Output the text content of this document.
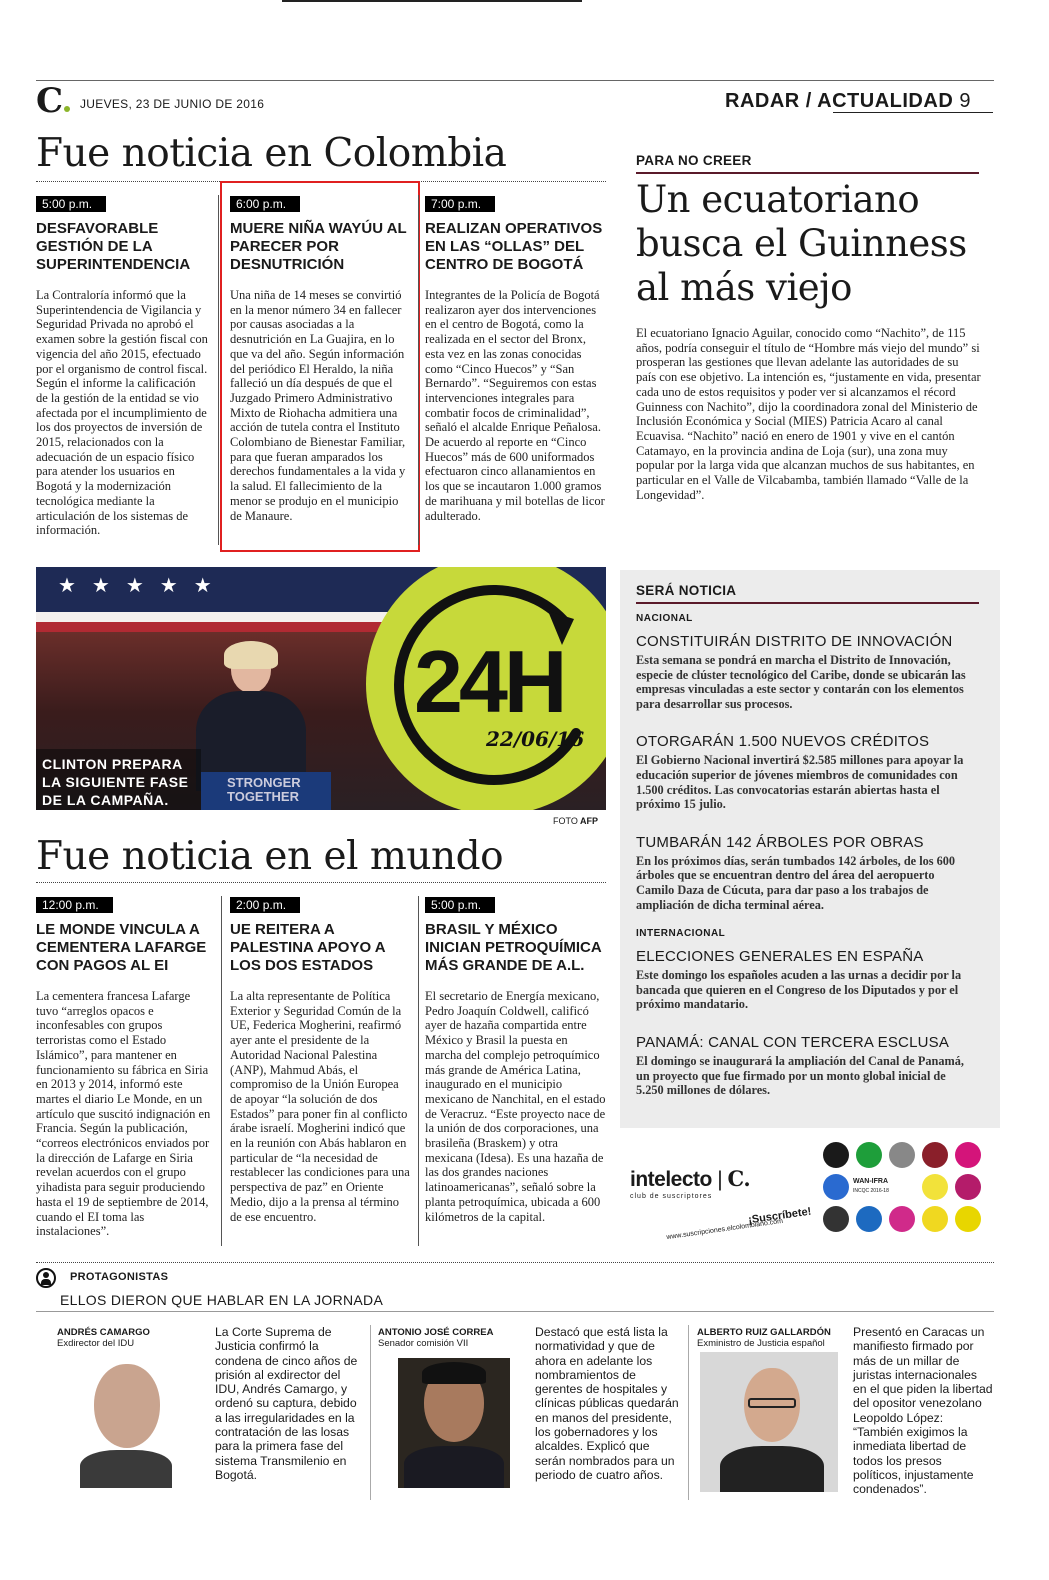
C	JUEVES, 23 DE JUNIO DE 2016	RADAR / ACTUALIDAD 9
Fue noticia en Colombia
5:00 p.m.
DESFAVORABLE GESTIÓN DE LA SUPERINTENDENCIA
La Contraloría informó que la Superintendencia de Vigilancia y Seguridad Privada no aprobó el examen sobre la gestión fiscal con vigencia del año 2015, efectuado por el organismo de control fiscal. Según el informe la calificación de la gestión de la entidad se vio afectada por el incumplimiento de los dos proyectos de inversión de 2015, relacionados con la adecuación de un espacio físico para atender los usuarios en Bogotá y la modernización tecnológica mediante la articulación de los sistemas de información.
6:00 p.m.
MUERE NIÑA WAYÚU AL PARECER POR DESNUTRICIÓN
Una niña de 14 meses se convirtió en la menor número 34 en fallecer por causas asociadas a la desnutrición en La Guajira, en lo que va del año. Según información del periódico El Heraldo, la niña falleció un día después de que el Juzgado Primero Administrativo Mixto de Riohacha admitiera una acción de tutela contra el Instituto Colombiano de Bienestar Familiar, para que fueran amparados los derechos fundamentales a la vida y la salud. El fallecimiento de la menor se produjo en el municipio de Manaure.
7:00 p.m.
REALIZAN OPERATIVOS EN LAS “OLLAS” DEL CENTRO DE BOGOTÁ
Integrantes de la Policía de Bogotá realizaron ayer dos intervenciones en el centro de Bogotá, como la realizada en el sector del Bronx, esta vez en las zonas conocidas como “Cinco Huecos” y “San Bernardo”. “Seguiremos con estas intervenciones integrales para combatir focos de criminalidad”, señaló el alcalde Enrique Peñalosa. De acuerdo al reporte en “Cinco Huecos” más de 600 uniformados efectuaron cinco allanamientos en los que se incautaron 1.000 gramos de marihuana y mil botellas de licor adulterado.
PARA NO CREER
Un ecuatoriano busca el Guinness al más viejo
El ecuatoriano Ignacio Aguilar, conocido como “Nachito”, de 115 años, podría conseguir el título de “Hombre más viejo del mundo” si prosperan las gestiones que llevan adelante las autoridades de su país con ese objetivo. La intención es, “justamente en vida, presentar cada uno de estos requisitos y poder ver si alcanzamos el récord Guinness con Nachito”, dijo la coordinadora zonal del Ministerio de Inclusión Económica y Social (MIES) Patricia Acaro al canal Ecuavisa. “Nachito” nació en enero de 1901 y vive en el cantón Catamayo, en la provincia andina de Loja (sur), una zona muy popular por la larga vida que alcanzan muchos de sus habitantes, en particular en el Valle de Vilcabamba, también llamado “Valle de la Longevidad”.
★★★★★
STRONGER TOGETHER
CLINTON PREPARA LA SIGUIENTE FASE DE LA CAMPAÑA.
24H
22/06/16
FOTO AFP
SERÁ NOTICIA
NACIONAL
CONSTITUIRÁN DISTRITO DE INNOVACIÓN
Esta semana se pondrá en marcha el Distrito de Innovación, especie de clúster tecnológico del Caribe, donde se ubicarán las empresas vinculadas a este sector y contarán con los elementos para desarrollar sus procesos.
OTORGARÁN 1.500 NUEVOS CRÉDITOS
El Gobierno Nacional invertirá $2.585 millones para apoyar la educación superior de jóvenes miembros de comunidades con 1.500 créditos. Las convocatorias estarán abiertas hasta el próximo 15 julio.
TUMBARÁN 142 ÁRBOLES POR OBRAS
En los próximos días, serán tumbados 142 árboles, de los 600 árboles que se encuentran dentro del área del aeropuerto Camilo Daza de Cúcuta, para dar paso a los trabajos de ampliación de dicha terminal aérea.
INTERNACIONAL
ELECCIONES GENERALES EN ESPAÑA
Este domingo los españoles acuden a las urnas a decidir por la bancada que quieren en el Congreso de los Diputados y por el próximo mandatario.
PANAMÁ: CANAL CON TERCERA ESCLUSA
El domingo se inaugurará la ampliación del Canal de Panamá, un proyecto que fue firmado por un monto global inicial de 5.250 millones de dólares.
Fue noticia en el mundo
12:00 p.m.
LE MONDE VINCULA A CEMENTERA LAFARGE CON PAGOS AL EI
La cementera francesa Lafarge tuvo “arreglos opacos e inconfesables con grupos terroristas como el Estado Islámico”, para mantener en funcionamiento su fábrica en Siria en 2013 y 2014, informó este martes el diario Le Monde, en un artículo que suscitó indignación en Francia. Según la publicación, “correos electrónicos enviados por la dirección de Lafarge en Siria revelan acuerdos con el grupo yihadista para seguir produciendo hasta el 19 de septiembre de 2014, cuando el EI toma las instalaciones”.
2:00 p.m.
UE REITERA A PALESTINA APOYO A LOS DOS ESTADOS
La alta representante de Política Exterior y Seguridad Común de la UE, Federica Mogherini, reafirmó ayer ante el presidente de la Autoridad Nacional Palestina (ANP), Mahmud Abás, el compromiso de la Unión Europea de apoyar “la solución de dos Estados” para poner fin al conflicto árabe israelí. Mogherini indicó que en la reunión con Abás hablaron en particular de “la necesidad de restablecer las condiciones para una perspectiva de paz” en Oriente Medio, dijo a la prensa al término de ese encuentro.
5:00 p.m.
BRASIL Y MÉXICO INICIAN PETROQUÍMICA MÁS GRANDE DE A.L.
El secretario de Energía mexicano, Pedro Joaquín Coldwell, calificó ayer de hazaña compartida entre México y Brasil la puesta en marcha del complejo petroquímico más grande de América Latina, inaugurado en el municipio mexicano de Nanchital, en el estado de Veracruz. “Este proyecto nace de la unión de dos corporaciones, una brasileña (Braskem) y otra mexicana (Idesa). Es una hazaña de las dos grandes naciones latinoamericanas”, señaló sobre la planta petroquímica, ubicada a 600 kilómetros de la capital.
intelecto | C.
club de suscriptores
¡Suscríbete!
www.suscripciones.elcolombiano.com
WAN-IFRA
INCQC 2016-18
PROTAGONISTAS
ELLOS DIERON QUE HABLAR EN LA JORNADA
ANDRÉS CAMARGO
Exdirector del IDU
La Corte Suprema de Justicia confirmó la condena de cinco años de prisión al exdirector del IDU, Andrés Camargo, y ordenó su captura, debido a las irregularidades en la contratación de las losas para la primera fase del sistema Transmilenio en Bogotá.
ANTONIO JOSÉ CORREA
Senador comisión VII
Destacó que está lista la normatividad y que de ahora en adelante los nombramientos de gerentes de hospitales y clínicas públicas quedarán en manos del presidente, los gobernadores y los alcaldes. Explicó que serán nombrados para un periodo de cuatro años.
ALBERTO RUIZ GALLARDÓN
Exministro de Justicia español
Presentó en Caracas un manifiesto firmado por más de un millar de juristas internacionales en el que piden la libertad del opositor venezolano Leopoldo López: “También exigimos la inmediata libertad de todos los presos políticos, injustamente condenados”.
